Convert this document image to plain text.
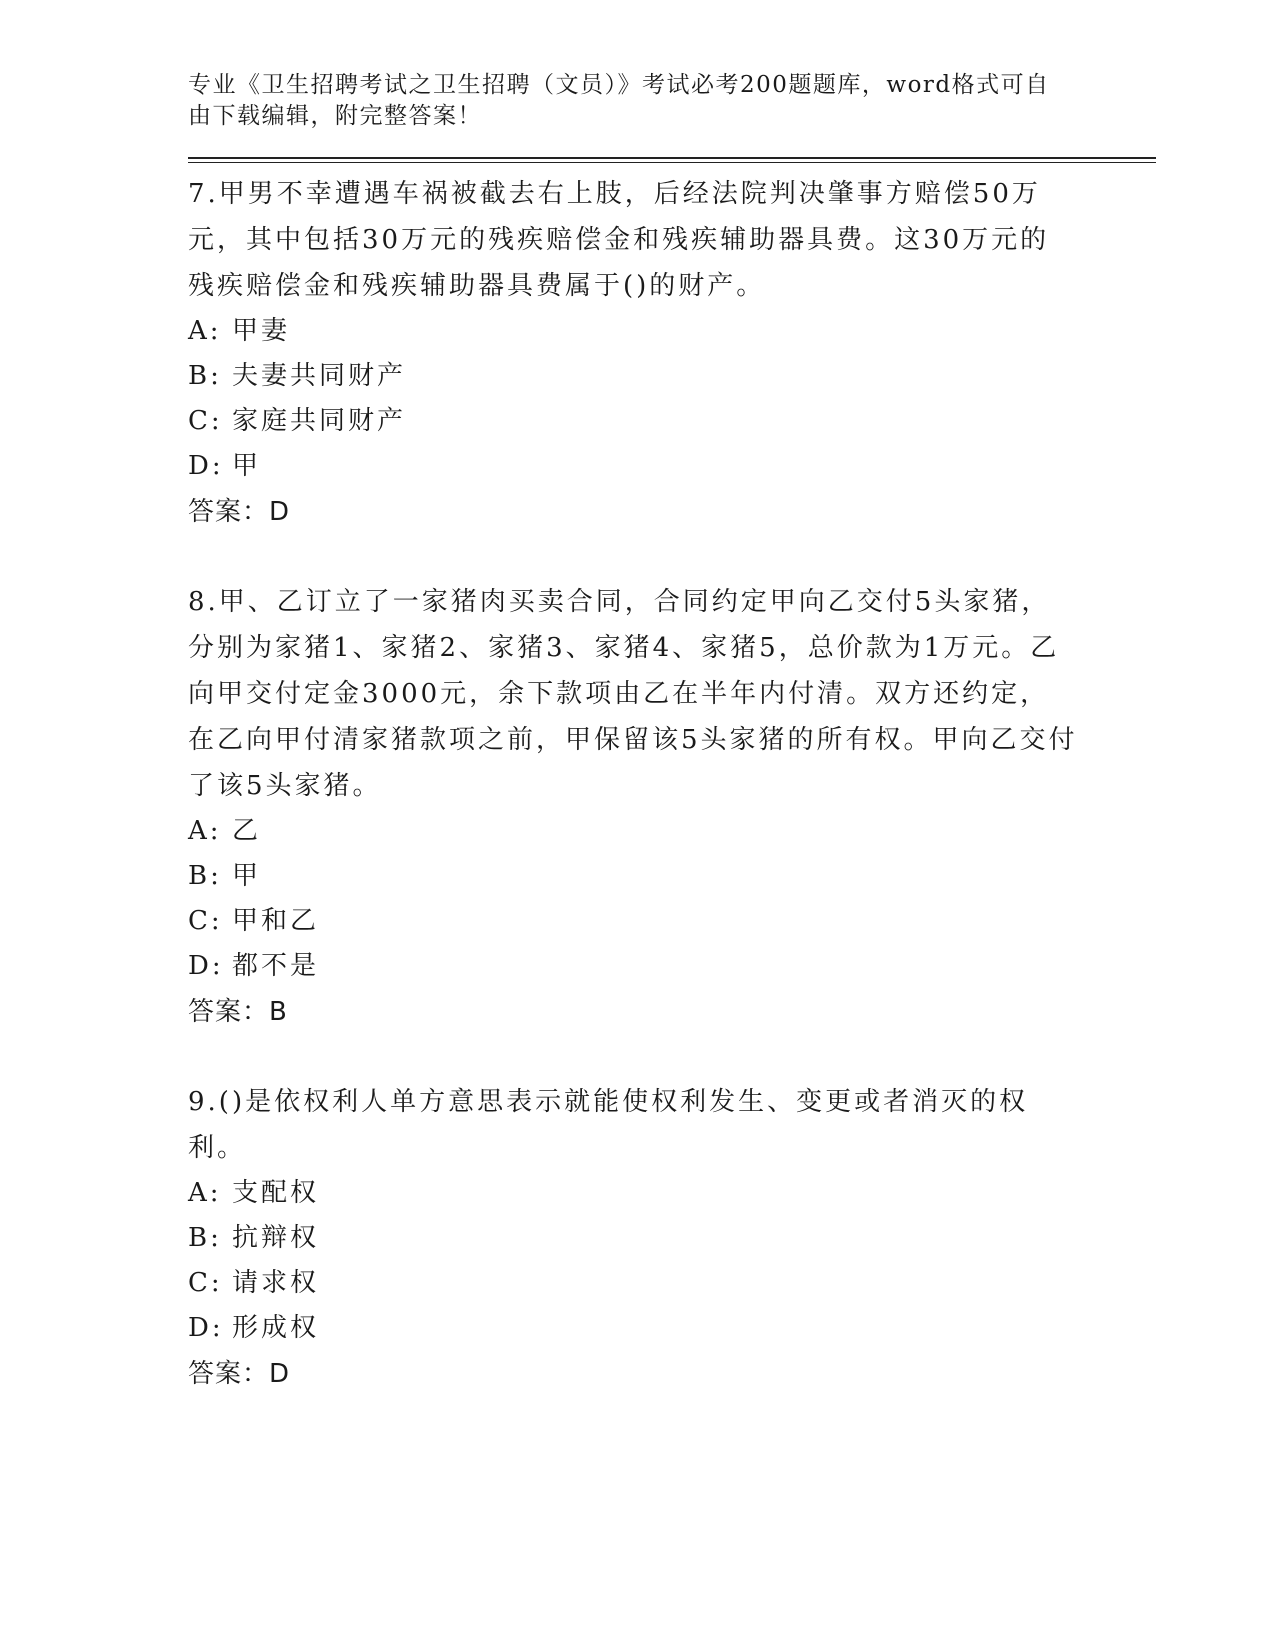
专业《卫生招聘考试之卫生招聘（文员）》考试必考200题题库，word格式可自由下载编辑，附完整答案！

7.甲男不幸遭遇车祸被截去右上肢，后经法院判决肇事方赔偿50万元，其中包括30万元的残疾赔偿金和残疾辅助器具费。这30万元的残疾赔偿金和残疾辅助器具费属于()的财产。

A: 甲妻

B: 夫妻共同财产

C: 家庭共同财产

D: 甲

答案：D

8.甲、乙订立了一家猪肉买卖合同，合同约定甲向乙交付5头家猪，分别为家猪1、家猪2、家猪3、家猪4、家猪5，总价款为1万元。乙向甲交付定金3000元，余下款项由乙在半年内付清。双方还约定，在乙向甲付清家猪款项之前，甲保留该5头家猪的所有权。甲向乙交付了该5头家猪。

A: 乙

B: 甲

C: 甲和乙

D: 都不是

答案：B

9.()是依权利人单方意思表示就能使权利发生、变更或者消灭的权利。

A: 支配权

B: 抗辩权

C: 请求权

D: 形成权

答案：D
